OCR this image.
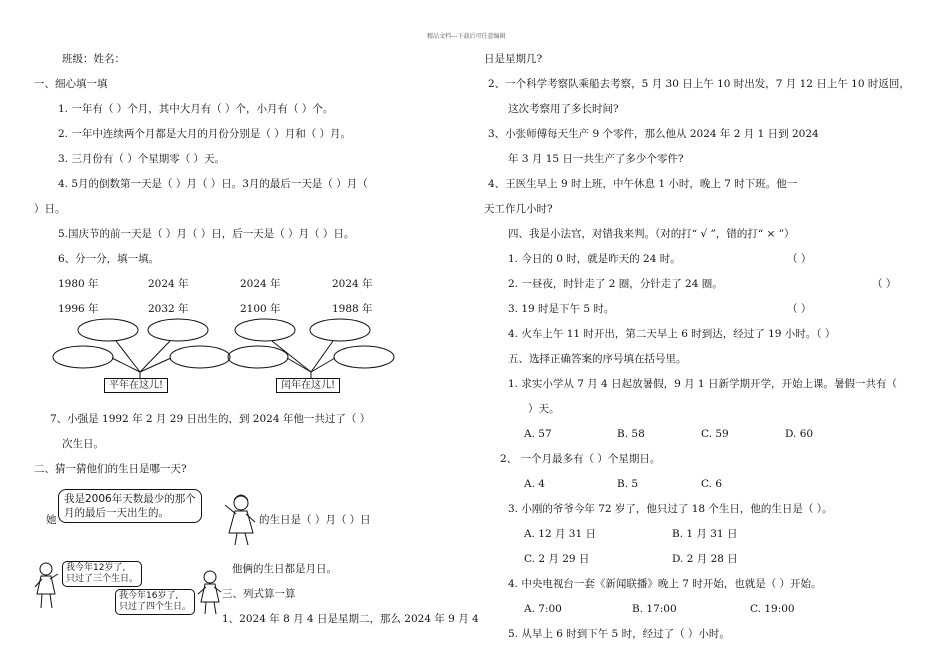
精品文档---下载后可任意编辑
班级：姓名：
一、细心填一填
1. 一年有（ ）个月，其中大月有（ ）个，小月有（ ）个。
2. 一年中连续两个月都是大月的月份分别是（ ）月和（ ）月。
3. 三月份有（ ）个星期零（ ）天。
4. 5月的倒数第一天是（ ）月（ ）日。3月的最后一天是（ ）月（
）日。
5.国庆节的前一天是（ ）月（ ）日，后一天是（ ）月（ ）日。
6、分一分，填一填。
1980 年	2024 年	2024 年	2024 年
1996 年	2032 年	2100 年	1988 年
平年在这儿!	闰年在这儿!
7、小强是 1992 年 2 月 29 日出生的，到 2024 年他一共过了（ ）
次生日。
二、猜一猜他们的生日是哪一天?
我是2006年天数最少的那个
月的最后一天出生的。
她	的生日是（ ）月（ ）日
我今年12岁了,
只过了三个生日。
他俩的生日都是月日。
我今年16岁了,
只过了四个生日。
三、列式算一算
1、2024 年 8 月 4 日是星期二，那么 2024 年 9 月 4
日是星期几?
2、一个科学考察队乘船去考察，5 月 30 日上午 10 时出发，7 月 12 日上午 10 时返回，
这次考察用了多长时间?
3、小张师傅每天生产 9 个零件，那么他从 2024 年 2 月 1 日到 2024
年 3 月 15 日一共生产了多少个零件?
4、王医生早上 9 时上班，中午休息 1 小时，晚上 7 时下班。他一
天工作几小时?
四、我是小法官，对错我来判。（对的打“ √ ”，错的打“ × ”）
1. 今日的 0 时，就是昨天的 24 时。	（ ）
2. 一昼夜，时针走了 2 圈，分针走了 24 圈。	（ ）
3. 19 时是下午 5 时。	（ ）
4. 火车上午 11 时开出，第二天早上 6 时到达，经过了 19 小时。（ ）
五、选择正确答案的序号填在括号里。
1. 求实小学从 7 月 4 日起放暑假，9 月 1 日新学期开学，开始上课。暑假一共有（
）天。
A. 57	B. 58	C. 59	D. 60
2、 一个月最多有（ ）个星期日。
A. 4	B. 5	C. 6
3. 小刚的爷爷今年 72 岁了，他只过了 18 个生日，他的生日是（ ）。
A. 12 月 31 日	B. 1 月 31 日
C. 2 月 29 日	D. 2 月 28 日
4. 中央电视台一套《新闻联播》晚上 7 时开始，也就是（ ）开始。
A. 7:00	B. 17:00	C. 19:00
5. 从早上 6 时到下午 5 时，经过了（ ）小时。
